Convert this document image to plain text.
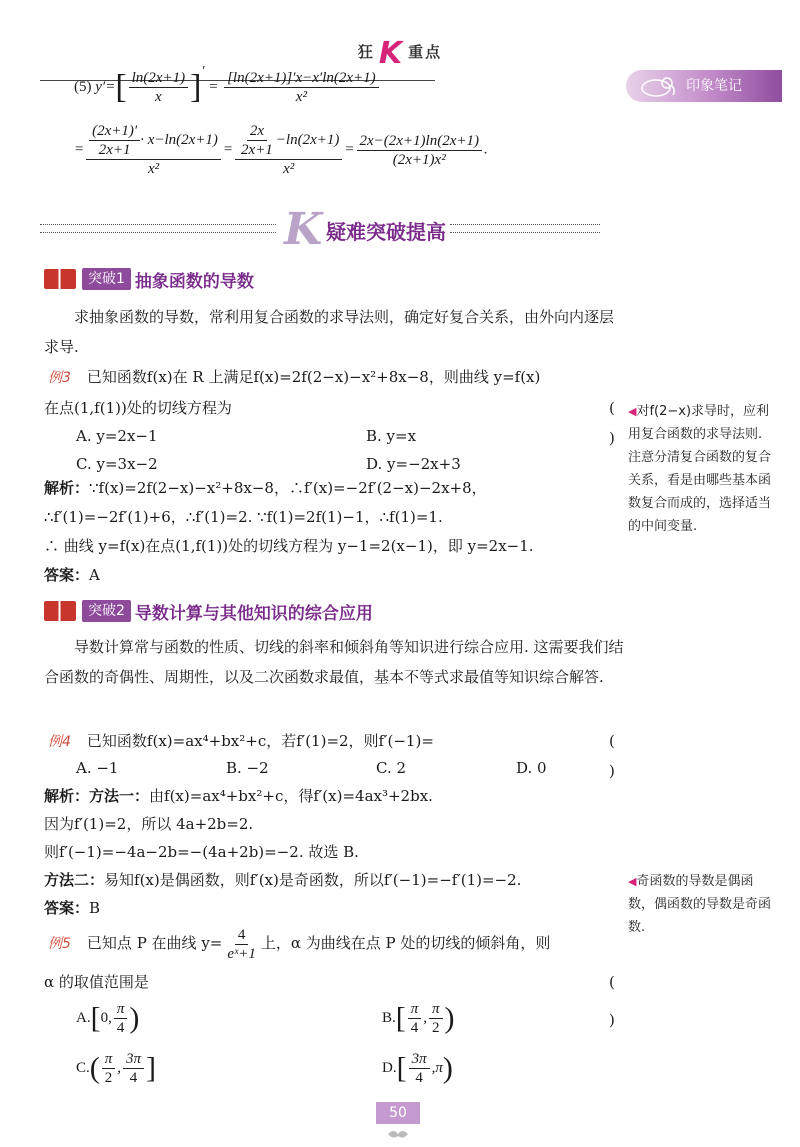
狂 K 重点
印象笔记
(5) $y'=[ \frac{\ln(2x+1)}{x} ]' = \frac{[\ln(2x+1)]'x-x'\ln(2x+1)}{\text{x²}}$
= $\frac{\frac{(2x+1)'}{2x+1} \cdot x-\ln(2x+1)}{\text{x²}} = \frac{\frac{2x}{2x+1} -\ln(2x+1)}{\text{x²}} = \frac{2x-(2x+1)\ln(2x+1)}{\text{(2x+1)x²}}$ .
K 疑难突破提高
突破1 抽象函数的导数
求抽象函数的导数，常利用复合函数的求导法则，确定好复合关系，由外向内逐层求导.
例3 已知函数f(x)在 R 上满足f(x)=2f(2−x)−x²+8x−8，则曲线 y=f(x)
在点(1,f(1))处的切线方程为	( )
A. y=2x−1	B. y=x
C. y=3x−2	D. y=−2x+3
解析：∵f(x)=2f(2−x)−x²+8x−8，∴f′(x)=−2f′(2−x)−2x+8，
∴f′(1)=−2f′(1)+6，∴f′(1)=2. ∵f(1)=2f(1)−1，∴f(1)=1.
∴ 曲线 y=f(x)在点(1,f(1))处的切线方程为 y−1=2(x−1)，即 y=2x−1.
答案：A
◀对f(2−x)求导时，应利用复合函数的求导法则. 注意分清复合函数的复合关系，看是由哪些基本函数复合而成的，选择适当的中间变量.
突破2 导数计算与其他知识的综合应用
导数计算常与函数的性质、切线的斜率和倾斜角等知识进行综合应用. 这需要我们结合函数的奇偶性、周期性，以及二次函数求最值，基本不等式求最值等知识综合解答.
例4 已知函数f(x)=ax⁴+bx²+c，若f′(1)=2，则f′(−1)=	( )
A. −1	B. −2	C. 2	D. 0
解析：方法一：由f(x)=ax⁴+bx²+c，得f′(x)=4ax³+2bx.
因为f′(1)=2，所以 4a+2b=2.
则f′(−1)=−4a−2b=−(4a+2b)=−2. 故选 B.
方法二：易知f(x)是偶函数，则f′(x)是奇函数，所以f′(−1)=−f′(1)=−2.
答案：B
◀奇函数的导数是偶函数，偶函数的导数是奇函数.
例5 已知点 P 在曲线 $y= \frac{4}{\text{eˣ+1}}$ 上，α 为曲线在点 P 处的切线的倾斜角，则
α 的取值范围是	( )
A.[0, $\frac{\pi}{4}$ )	$B.[ \frac{\pi}{4}$ , $\frac{\pi}{2}$ )
$C.( \frac{\pi}{2}$ , $\frac{3\pi}{4}$ ]	$D.[ \frac{3\pi}{4} ,\pi)$
50
